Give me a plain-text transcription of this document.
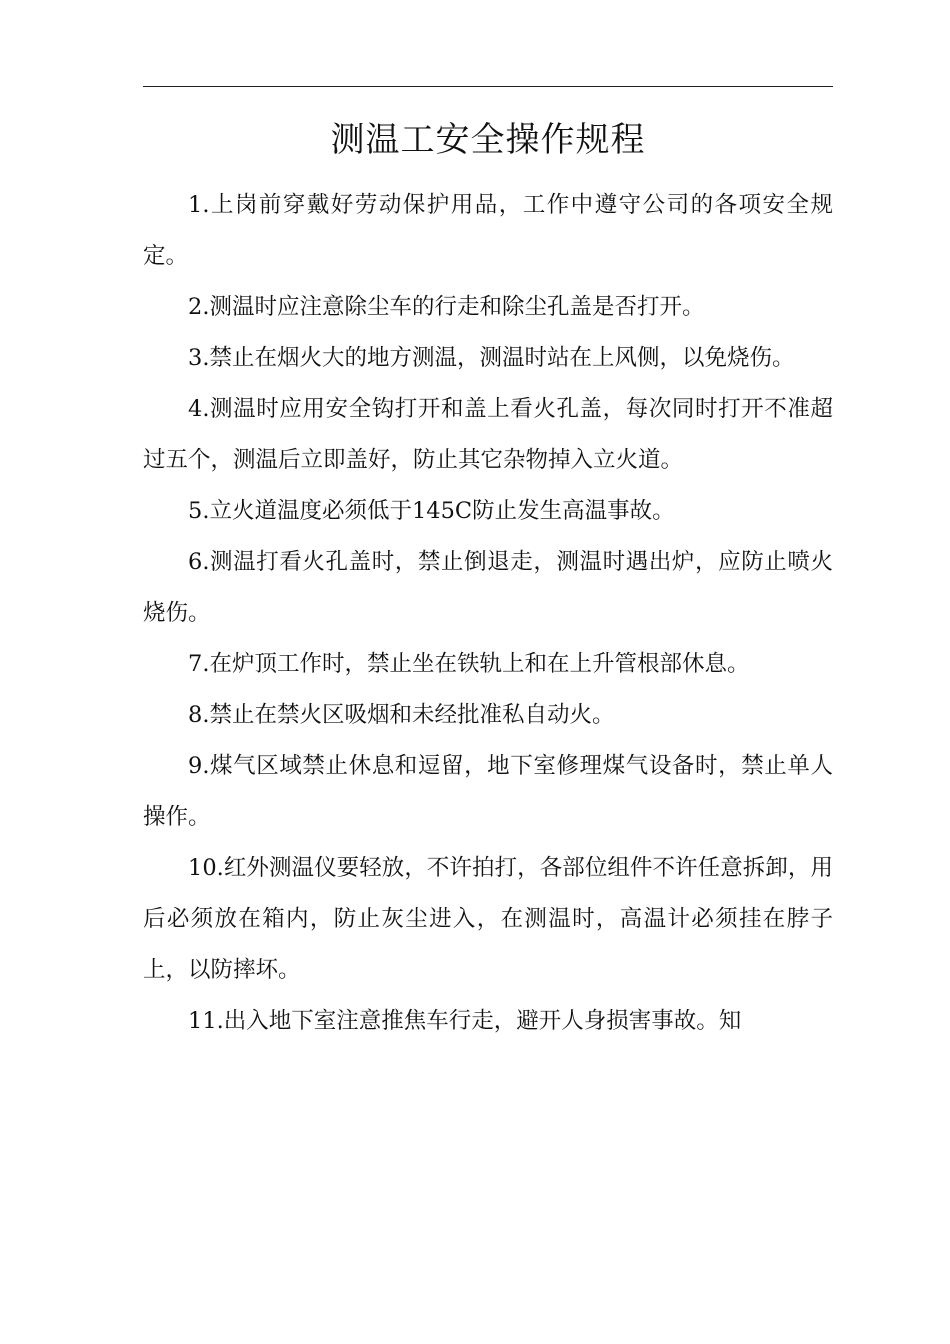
测温工安全操作规程

1.上岗前穿戴好劳动保护用品，工作中遵守公司的各项安全规定。

2.测温时应注意除尘车的行走和除尘孔盖是否打开。

3.禁止在烟火大的地方测温，测温时站在上风侧，以免烧伤。

4.测温时应用安全钩打开和盖上看火孔盖，每次同时打开不准超过五个，测温后立即盖好，防止其它杂物掉入立火道。

5.立火道温度必须低于145C防止发生高温事故。

6.测温打看火孔盖时，禁止倒退走，测温时遇出炉，应防止喷火烧伤。

7.在炉顶工作时，禁止坐在铁轨上和在上升管根部休息。

8.禁止在禁火区吸烟和未经批准私自动火。

9.煤气区域禁止休息和逗留，地下室修理煤气设备时，禁止单人操作。

10.红外测温仪要轻放，不许拍打，各部位组件不许任意拆卸，用后必须放在箱内，防止灰尘进入，在测温时，高温计必须挂在脖子上，以防摔坏。

11.出入地下室注意推焦车行走，避开人身损害事故。知
